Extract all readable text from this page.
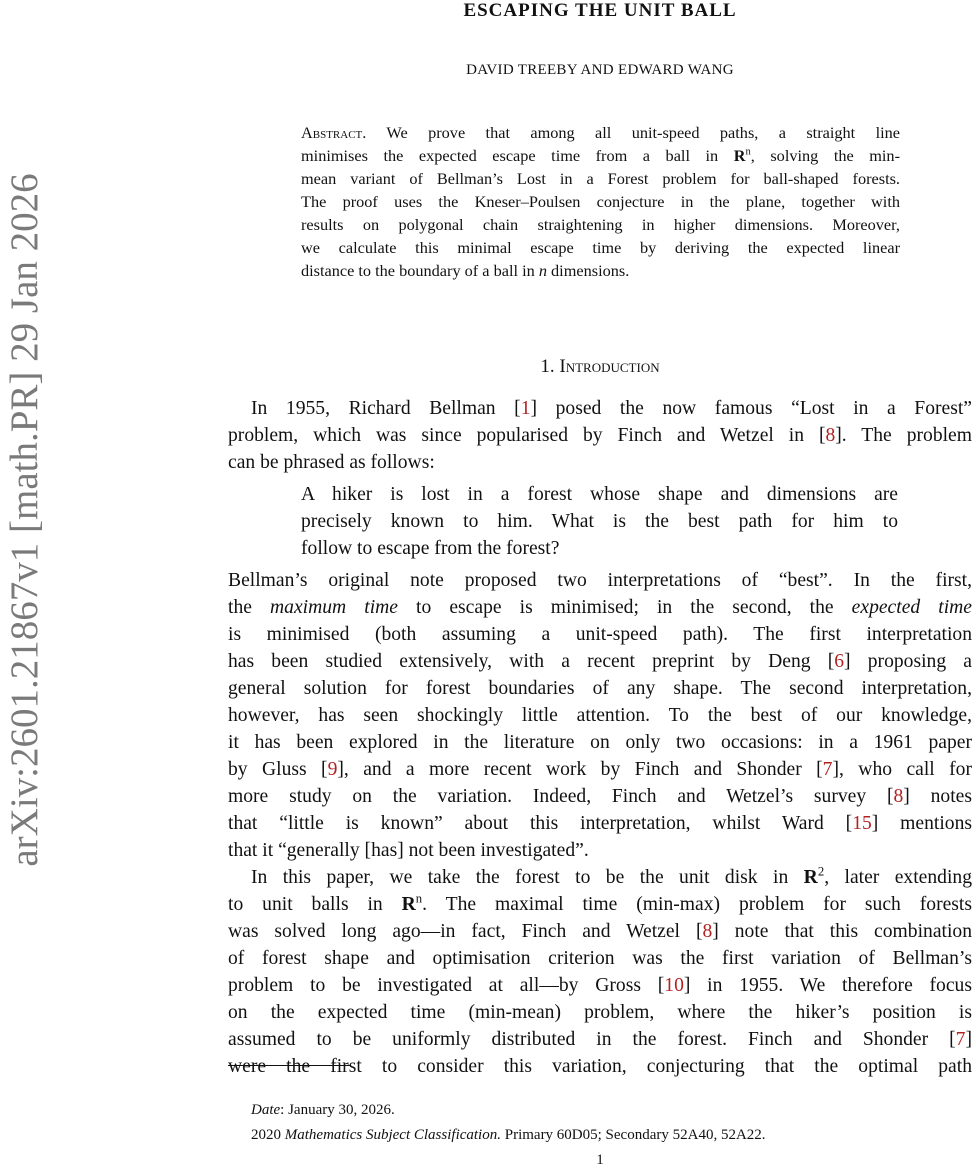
arXiv:2601.21867v1 [math.PR] 29 Jan 2026
ESCAPING THE UNIT BALL
DAVID TREEBY AND EDWARD WANG
Abstract. We prove that among all unit-speed paths, a straight line
minimises the expected escape time from a ball in $R^n$, solving the min-
mean variant of Bellman’s Lost in a Forest problem for ball-shaped forests.
The proof uses the Kneser–Poulsen conjecture in the plane, together with
results on polygonal chain straightening in higher dimensions. Moreover,
we calculate this minimal escape time by deriving the expected linear
distance to the boundary of a ball in n dimensions.
1. Introduction
In 1955, Richard Bellman [1] posed the now famous “Lost in a Forest”
problem, which was since popularised by Finch and Wetzel in [8]. The problem
can be phrased as follows:
A hiker is lost in a forest whose shape and dimensions are
precisely known to him. What is the best path for him to
follow to escape from the forest?
Bellman’s original note proposed two interpretations of “best”. In the first,
the maximum time to escape is minimised; in the second, the expected time
is minimised (both assuming a unit-speed path). The first interpretation
has been studied extensively, with a recent preprint by Deng [6] proposing a
general solution for forest boundaries of any shape. The second interpretation,
however, has seen shockingly little attention. To the best of our knowledge,
it has been explored in the literature on only two occasions: in a 1961 paper
by Gluss [9], and a more recent work by Finch and Shonder [7], who call for
more study on the variation. Indeed, Finch and Wetzel’s survey [8] notes
that “little is known” about this interpretation, whilst Ward [15] mentions
that it “generally [has] not been investigated”.
In this paper, we take the forest to be the unit disk in $R^2$, later extending
to unit balls in $R^n$. The maximal time (min-max) problem for such forests
was solved long ago—in fact, Finch and Wetzel [8] note that this combination
of forest shape and optimisation criterion was the first variation of Bellman’s
problem to be investigated at all—by Gross [10] in 1955. We therefore focus
on the expected time (min-mean) problem, where the hiker’s position is
assumed to be uniformly distributed in the forest. Finch and Shonder [7]
were the first to consider this variation, conjecturing that the optimal path
Date: January 30, 2026.
2020 Mathematics Subject Classification. Primary 60D05; Secondary 52A40, 52A22.
1
